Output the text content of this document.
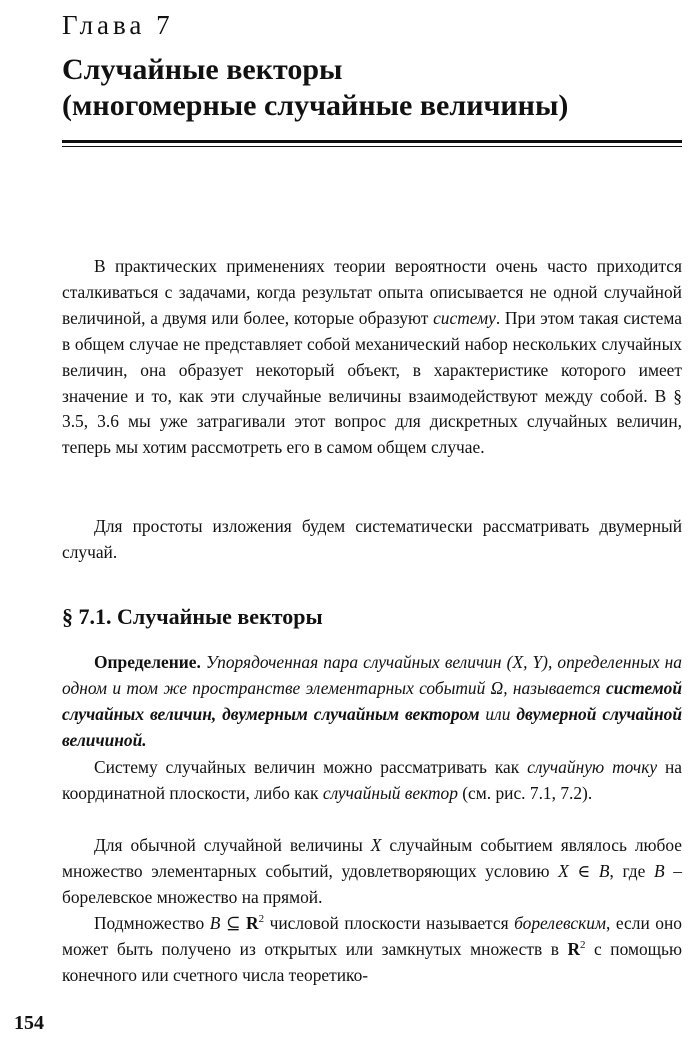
Глава 7
Случайные векторы
(многомерные случайные величины)
В практических применениях теории вероятности очень часто приходится сталкиваться с задачами, когда результат опыта описывается не одной случайной величиной, а двумя или более, которые образуют систему. При этом такая система в общем случае не представляет собой механический набор нескольких случайных величин, она образует некоторый объект, в характеристике которого имеет значение и то, как эти случайные величины взаимодействуют между собой. В § 3.5, 3.6 мы уже затрагивали этот вопрос для дискретных случайных величин, теперь мы хотим рассмотреть его в самом общем случае.
Для простоты изложения будем систематически рассматривать двумерный случай.
§ 7.1. Случайные векторы
Определение. Упорядоченная пара случайных величин (X, Y), определенных на одном и том же пространстве элементарных событий Ω, называется системой случайных величин, двумерным случайным вектором или двумерной случайной величиной.
Систему случайных величин можно рассматривать как случайную точку на координатной плоскости, либо как случайный вектор (см. рис. 7.1, 7.2).
Для обычной случайной величины X случайным событием являлось любое множество элементарных событий, удовлетворяющих условию X ∈ B, где B – борелевское множество на прямой.
Подмножество B ⊆ $R^2$ числовой плоскости называется борелевским, если оно может быть получено из открытых или замкнутых множеств в $R^2$ с помощью конечного или счетного числа теоретико-
154
